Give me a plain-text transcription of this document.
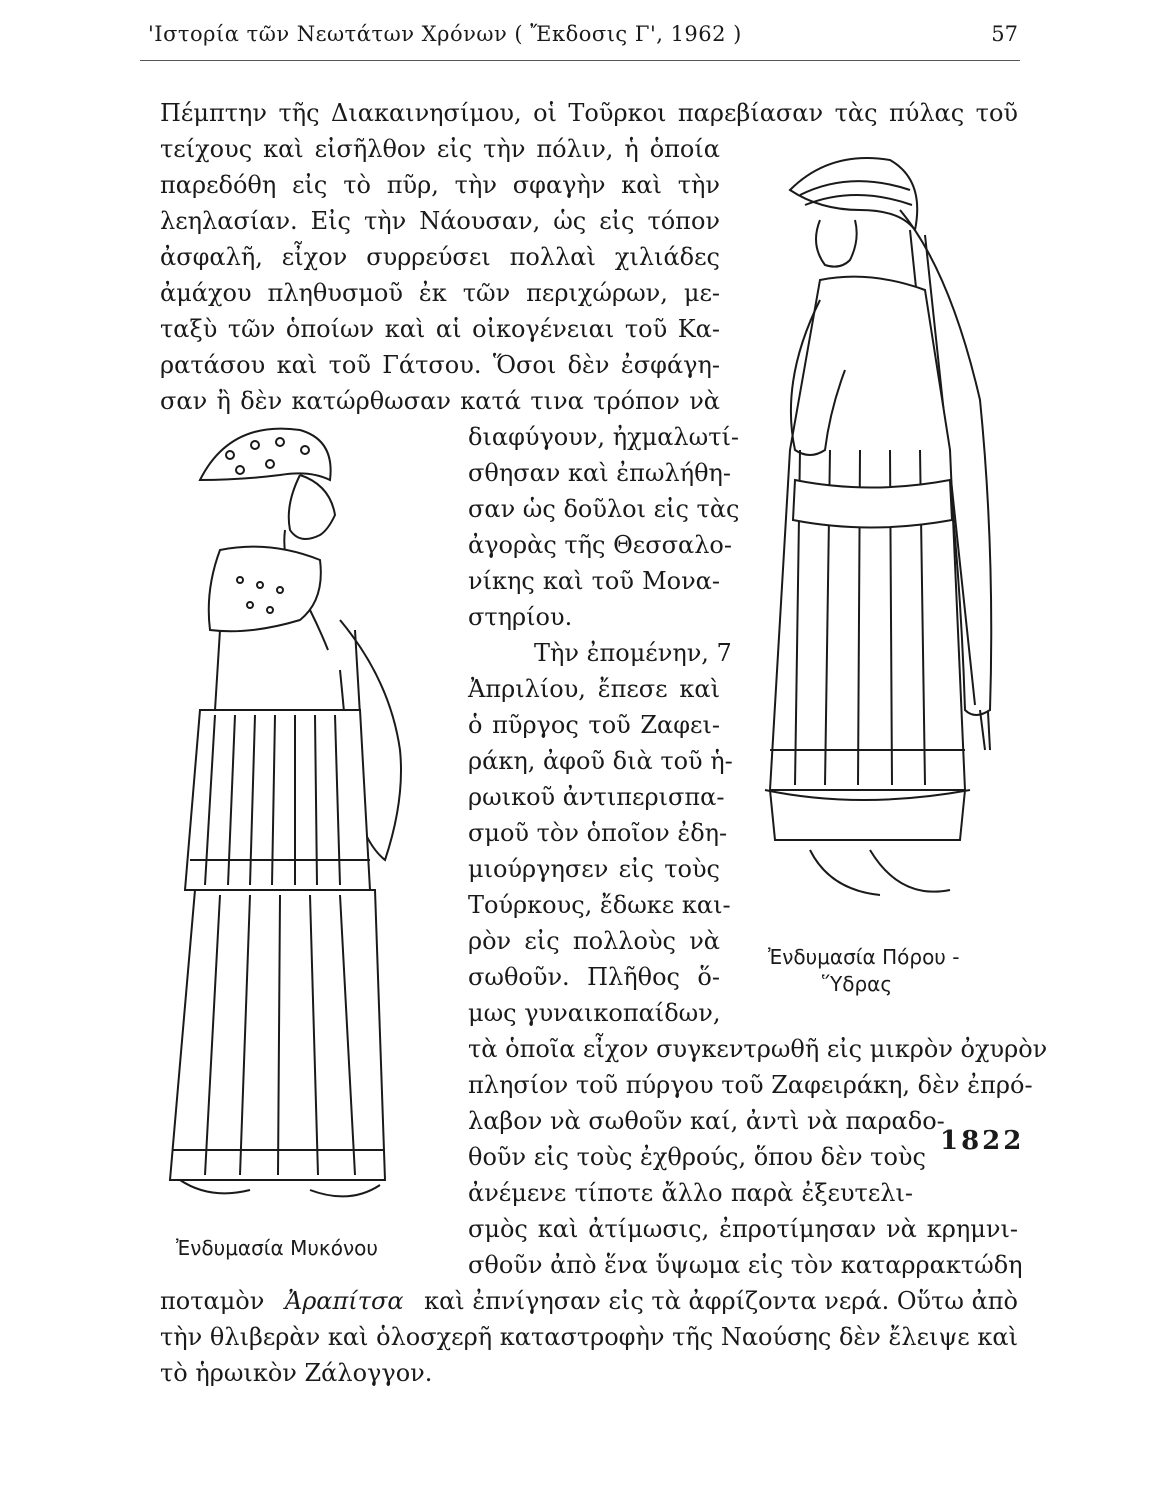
'Ιστορία τῶν Νεωτάτων Χρόνων ( Ἔκδοσις Γ', 1962 )	57
Πέμπτην τῆς Διακαινησίμου, οἱ Τοῦρκοι παρεβίασαν τὰς πύλας τοῦ
τείχους καὶ εἰσῆλθον εἰς τὴν πόλιν, ἡ ὁποία
παρεδόθη εἰς τὸ πῦρ, τὴν σφαγὴν καὶ τὴν
λεηλασίαν. Εἰς τὴν Νάουσαν, ὡς εἰς τόπον
ἀσφαλῆ, εἶχον συρρεύσει πολλαὶ χιλιάδες
ἀμάχου πληθυσμοῦ ἐκ τῶν περιχώρων, με-
ταξὺ τῶν ὁποίων καὶ αἱ οἰκογένειαι τοῦ Κα-
ρατάσου καὶ τοῦ Γάτσου. Ὅσοι δὲν ἐσφάγη-
σαν ἢ δὲν κατώρθωσαν κατά τινα τρόπον νὰ
διαφύγουν, ἠχμαλωτί-
σθησαν καὶ ἐπωλήθη-
σαν ὡς δοῦλοι εἰς τὰς
ἀγορὰς τῆς Θεσσαλο-
νίκης καὶ τοῦ Μονα-
στηρίου.
Τὴν ἐπομένην, 7
Ἀπριλίου, ἔπεσε καὶ
ὁ πῦργος τοῦ Ζαφει-
ράκη, ἀφοῦ διὰ τοῦ ἡ-
ρωικοῦ ἀντιπερισπα-
σμοῦ τὸν ὁποῖον ἐδη-
μιούργησεν εἰς τοὺς
Τούρκους, ἔδωκε και-
ρὸν εἰς πολλοὺς νὰ
σωθοῦν. Πλῆθος ὅ-
μως γυναικοπαίδων,
τὰ ὁποῖα εἶχον συγκεντρωθῆ εἰς μικρὸν ὀχυρὸν
πλησίον τοῦ πύργου τοῦ Ζαφειράκη, δὲν ἐπρό-
λαβον νὰ σωθοῦν καί, ἀντὶ νὰ παραδο-
θοῦν εἰς τοὺς ἐχθρούς, ὅπου δὲν τοὺς
ἀνέμενε τίποτε ἄλλο παρὰ ἐξευτελι-
σμὸς καὶ ἀτίμωσις, ἐπροτίμησαν νὰ κρημνι-
σθοῦν ἀπὸ ἕνα ὕψωμα εἰς τὸν καταρρακτώδη
ποταμὸν Ἀραπίτσα καὶ ἐπνίγησαν εἰς τὰ ἀφρίζοντα νερά. Οὕτω ἀπὸ
τὴν θλιβερὰν καὶ ὁλοσχερῆ καταστροφὴν τῆς Ναούσης δὲν ἔλειψε καὶ
τὸ ἡρωικὸν Ζάλογγον.
1822
Ἐνδυμασία Μυκόνου
Ἐνδυμασία Πόρου -
Ὕδρας
